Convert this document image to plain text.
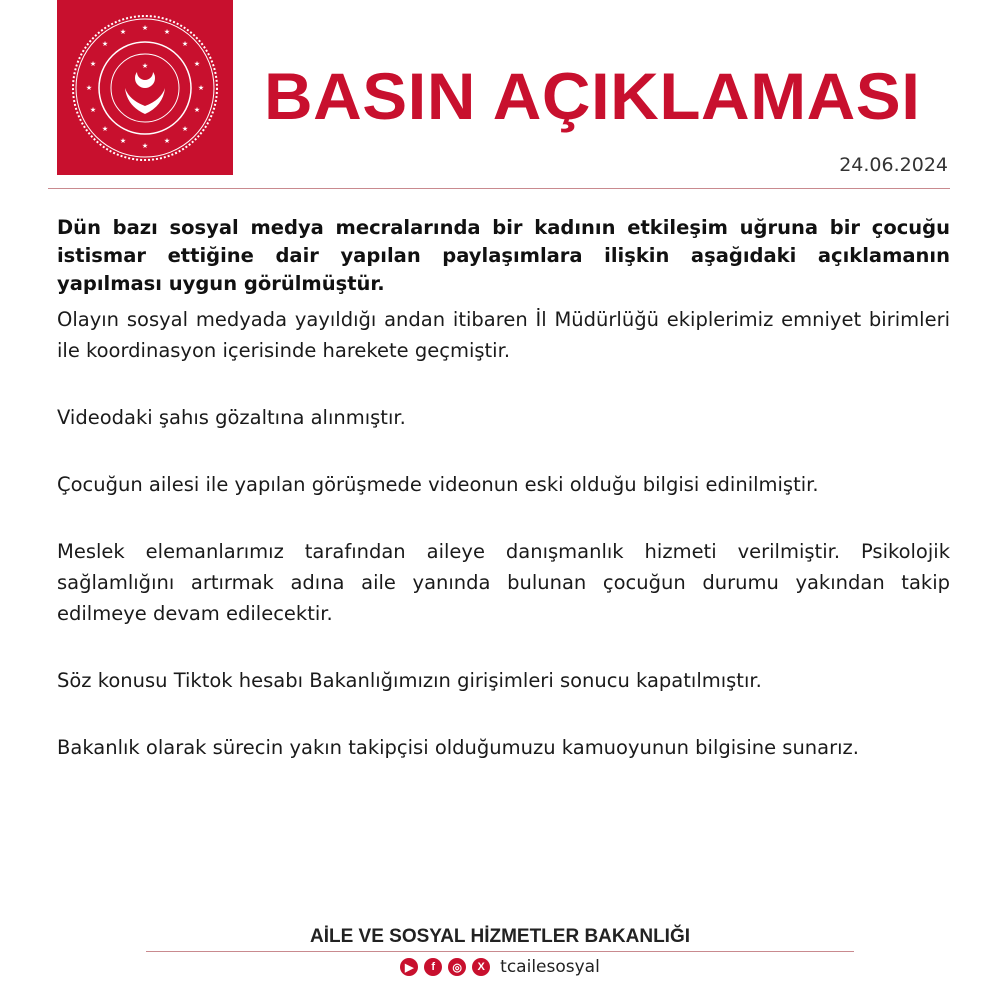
★ ★
★
★
★
★
★
★
★
★
★
★
★
★
★
★
★ BASIN AÇIKLAMASI
24.06.2024

Dün bazı sosyal medya mecralarında bir kadının etkileşim uğruna bir çocuğu istismar ettiğine dair yapılan paylaşımlara ilişkin aşağıdaki açıklamanın yapılması uygun görülmüştür.

Olayın sosyal medyada yayıldığı andan itibaren İl Müdürlüğü ekiplerimiz emniyet birimleri ile koordinasyon içerisinde harekete geçmiştir.

Videodaki şahıs gözaltına alınmıştır.

Çocuğun ailesi ile yapılan görüşmede videonun eski olduğu bilgisi edinilmiştir.

Meslek elemanlarımız tarafından aileye danışmanlık hizmeti verilmiştir. Psikolojik sağlamlığını artırmak adına aile yanında bulunan çocuğun durumu yakından takip edilmeye devam edilecektir.

Söz konusu Tiktok hesabı Bakanlığımızın girişimleri sonucu kapatılmıştır.

Bakanlık olarak sürecin yakın takipçisi olduğumuzu kamuoyunun bilgisine sunarız.

AİLE VE SOSYAL HİZMETLER BAKANLIĞI
▶	f	◎	X tcailesosyal
